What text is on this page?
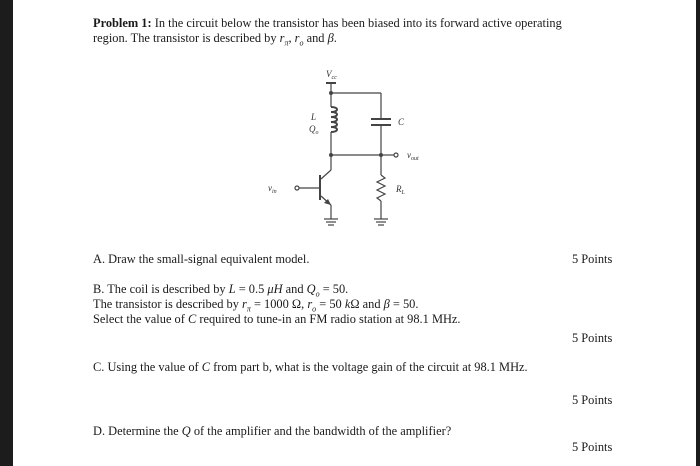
Problem 1: In the circuit below the transistor has been biased into its forward active operating
region. The transistor is described by $r_\pi$, $r_o$ and β.
$V_{cc}$
L
$Q_o$
C
$v_{out}$
$v_{in}$	$R_L$
A. Draw the small-signal equivalent model.	5 Points
B. The coil is described by L = 0.5 μH and $Q_o = 50$.
The transistor is described by $r_\pi = 1000$ Ω, $r_o = 50$ kΩ and β = 50.
Select the value of C required to tune-in an FM radio station at 98.1 MHz.
5 Points
C. Using the value of C from part b, what is the voltage gain of the circuit at 98.1 MHz.
5 Points
D. Determine the Q of the amplifier and the bandwidth of the amplifier?
5 Points
